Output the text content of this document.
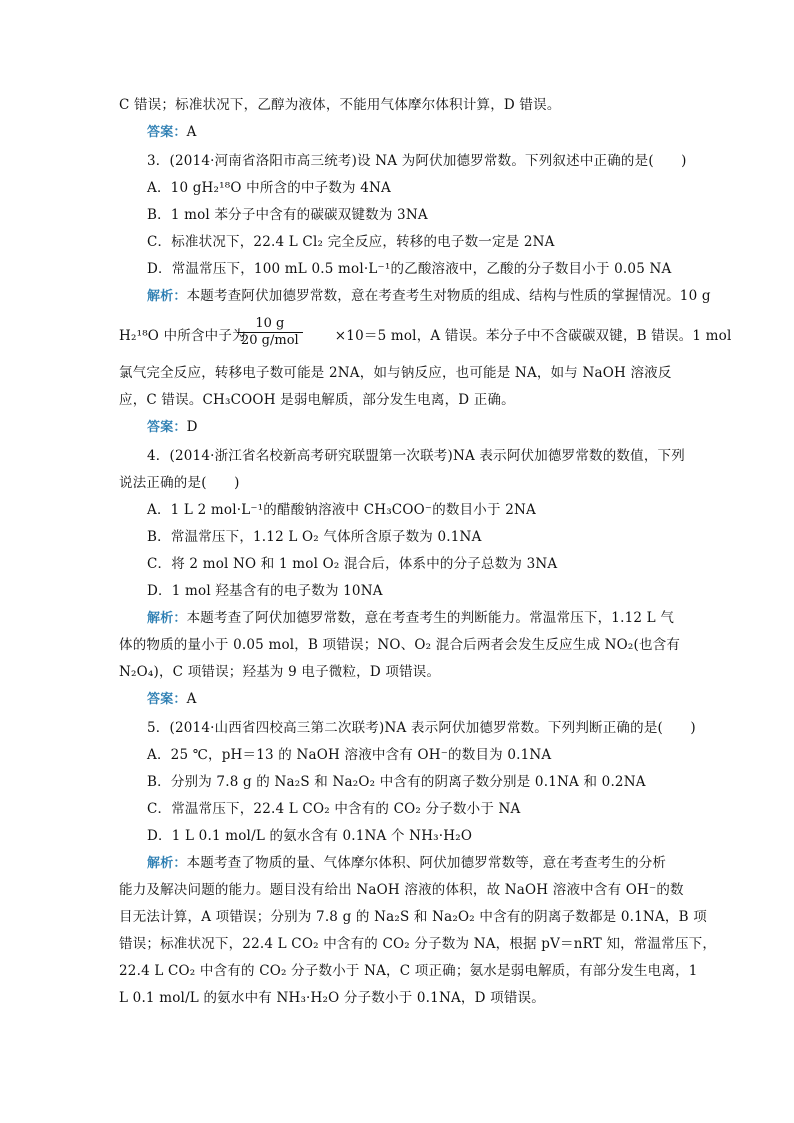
C 错误；标准状况下，乙醇为液体，不能用气体摩尔体积计算，D 错误。
答案：A
3．(2014·河南省洛阳市高三统考)设 NA 为阿伏加德罗常数。下列叙述中正确的是(　　)
A．10 gH₂¹⁸O 中所含的中子数为 4NA
B．1 mol 苯分子中含有的碳碳双键数为 3NA
C．标准状况下，22.4 L Cl₂ 完全反应，转移的电子数一定是 2NA
D．常温常压下，100 mL 0.5 mol·L⁻¹的乙酸溶液中，乙酸的分子数目小于 0.05 NA
解析：本题考查阿伏加德罗常数，意在考查考生对物质的组成、结构与性质的掌握情况。10 g
H₂¹⁸O 中所含中子为	×10＝5 mol，A 错误。苯分子中不含碳碳双键，B 错误。1 mol
10 g
20 g/mol
氯气完全反应，转移电子数可能是 2NA，如与钠反应，也可能是 NA，如与 NaOH 溶液反
应，C 错误。CH₃COOH 是弱电解质，部分发生电离，D 正确。
答案：D
4．(2014·浙江省名校新高考研究联盟第一次联考)NA 表示阿伏加德罗常数的数值，下列
说法正确的是(　　)
A．1 L 2 mol·L⁻¹的醋酸钠溶液中 CH₃COO⁻的数目小于 2NA
B．常温常压下，1.12 L O₂ 气体所含原子数为 0.1NA
C．将 2 mol NO 和 1 mol O₂ 混合后，体系中的分子总数为 3NA
D．1 mol 羟基含有的电子数为 10NA
解析：本题考查了阿伏加德罗常数，意在考查考生的判断能力。常温常压下，1.12 L 气
体的物质的量小于 0.05 mol，B 项错误；NO、O₂ 混合后两者会发生反应生成 NO₂(也含有
N₂O₄)，C 项错误；羟基为 9 电子微粒，D 项错误。
答案：A
5．(2014·山西省四校高三第二次联考)NA 表示阿伏加德罗常数。下列判断正确的是(　　)
A．25 ℃，pH＝13 的 NaOH 溶液中含有 OH⁻的数目为 0.1NA
B．分别为 7.8 g 的 Na₂S 和 Na₂O₂ 中含有的阴离子数分别是 0.1NA 和 0.2NA
C．常温常压下，22.4 L CO₂ 中含有的 CO₂ 分子数小于 NA
D．1 L 0.1 mol/L 的氨水含有 0.1NA 个 NH₃·H₂O
解析：本题考查了物质的量、气体摩尔体积、阿伏加德罗常数等，意在考查考生的分析
能力及解决问题的能力。题目没有给出 NaOH 溶液的体积，故 NaOH 溶液中含有 OH⁻的数
目无法计算，A 项错误；分别为 7.8 g 的 Na₂S 和 Na₂O₂ 中含有的阴离子数都是 0.1NA，B 项
错误；标准状况下，22.4 L CO₂ 中含有的 CO₂ 分子数为 NA，根据 pV＝nRT 知，常温常压下，
22.4 L CO₂ 中含有的 CO₂ 分子数小于 NA，C 项正确；氨水是弱电解质，有部分发生电离，1
L 0.1 mol/L 的氨水中有 NH₃·H₂O 分子数小于 0.1NA，D 项错误。
